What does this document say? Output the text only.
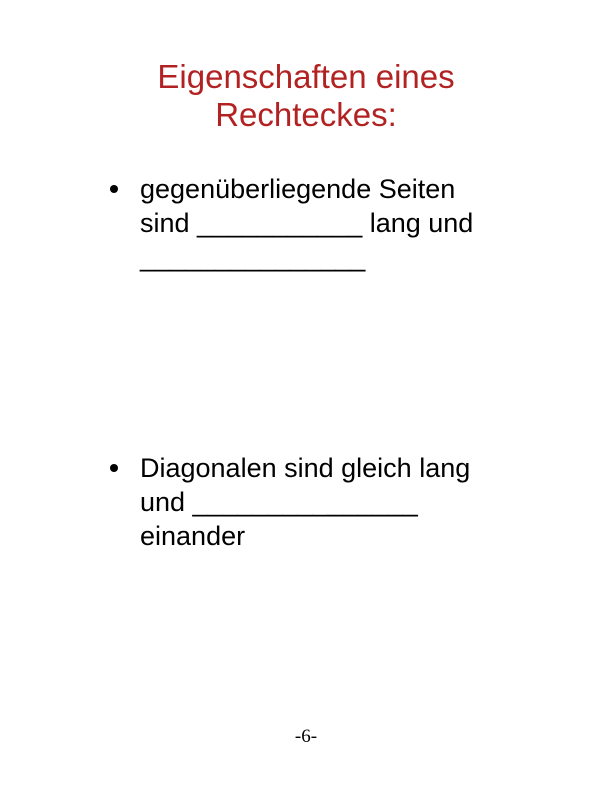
Eigenschaften eines
Rechteckes:

gegenüberliegende Seiten

sind ___________ lang und

_______________

Diagonalen sind gleich lang

und _______________

einander

-6-
